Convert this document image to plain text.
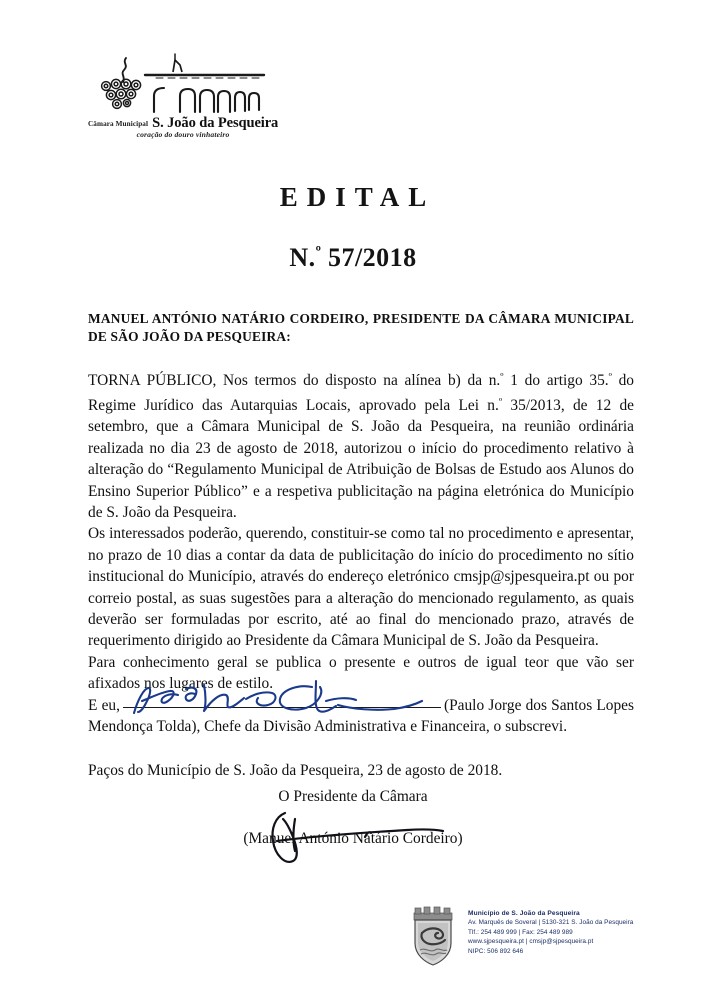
Câmara Municipal S. João da Pesqueira
coração do douro vinhateiro
EDITAL
N.$^º$ 57/2018

MANUEL ANTÓNIO NATÁRIO CORDEIRO, PRESIDENTE DA CÂMARA MUNICIPAL DE SÃO JOÃO DA PESQUEIRA:

TORNA PÚBLICO, Nos termos do disposto na alínea b) da n.$^º$ 1 do artigo 35.$^º$ do Regime Jurídico das Autarquias Locais, aprovado pela Lei n.$^º$ 35/2013, de 12 de setembro, que a Câmara Municipal de S. João da Pesqueira, na reunião ordinária realizada no dia 23 de agosto de 2018, autorizou o início do procedimento relativo à alteração do “Regulamento Municipal de Atribuição de Bolsas de Estudo aos Alunos do Ensino Superior Público” e a respetiva publicitação na página eletrónica do Município de S. João da Pesqueira.

Os interessados poderão, querendo, constituir-se como tal no procedimento e apresentar, no prazo de 10 dias a contar da data de publicitação do início do procedimento no sítio institucional do Município, através do endereço eletrónico cmsjp@sjpesqueira.pt ou por correio postal, as suas sugestões para a alteração do mencionado regulamento, as quais deverão ser formuladas por escrito, até ao final do mencionado prazo, através de requerimento dirigido ao Presidente da Câmara Municipal de S. João da Pesqueira.

Para conhecimento geral se publica o presente e outros de igual teor que vão ser afixados nos lugares de estilo.

E eu,	(Paulo Jorge dos Santos Lopes Mendonça Tolda), Chefe da Divisão Administrativa e Financeira, o subscrevi.

Paços do Município de S. João da Pesqueira, 23 de agosto de 2018.

O Presidente da Câmara
(Manuel António Natário Cordeiro)
Município de S. João da Pesqueira
Av. Marquês de Soveral | 5130-321 S. João da Pesqueira
Tlf.: 254 489 999 | Fax: 254 489 989
www.sjpesqueira.pt | cmsjp@sjpesqueira.pt
NIPC: 506 892 646
